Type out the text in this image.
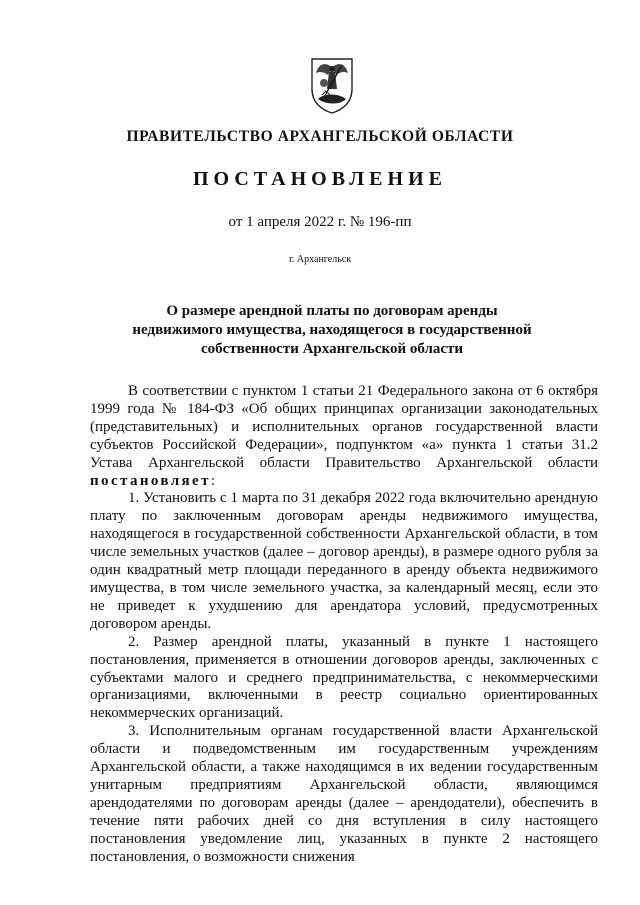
ПРАВИТЕЛЬСТВО АРХАНГЕЛЬСКОЙ ОБЛАСТИ
ПОСТАНОВЛЕНИЕ
от 1 апреля 2022 г. № 196-пп
г. Архангельск
О размере арендной платы по договорам аренды
недвижимого имущества, находящегося в государственной
собственности Архангельской области

В соответствии с пунктом 1 статьи 21 Федерального закона от 6 октября 1999 года № 184-ФЗ «Об общих принципах организации законодательных (представительных) и исполнительных органов государственной власти субъектов Российской Федерации», подпунктом «а» пункта 1 статьи 31.2 Устава Архангельской области Правительство Архангельской области постановляет:

1. Установить с 1 марта по 31 декабря 2022 года включительно арендную плату по заключенным договорам аренды недвижимого имущества, находящегося в государственной собственности Архангельской области, в том числе земельных участков (далее – договор аренды), в размере одного рубля за один квадратный метр площади переданного в аренду объекта недвижимого имущества, в том числе земельного участка, за календарный месяц, если это не приведет к ухудшению для арендатора условий, предусмотренных договором аренды.

2. Размер арендной платы, указанный в пункте 1 настоящего постановления, применяется в отношении договоров аренды, заключенных с субъектами малого и среднего предпринимательства, с некоммерческими организациями, включенными в реестр социально ориентированных некоммерческих организаций.

3. Исполнительным органам государственной власти Архангельской области и подведомственным им государственным учреждениям Архангельской области, а также находящимся в их ведении государственным унитарным предприятиям Архангельской области, являющимся арендодателями по договорам аренды (далее – арендодатели), обеспечить в течение пяти рабочих дней со дня вступления в силу настоящего постановления уведомление лиц, указанных в пункте 2 настоящего постановления, о возможности снижения
